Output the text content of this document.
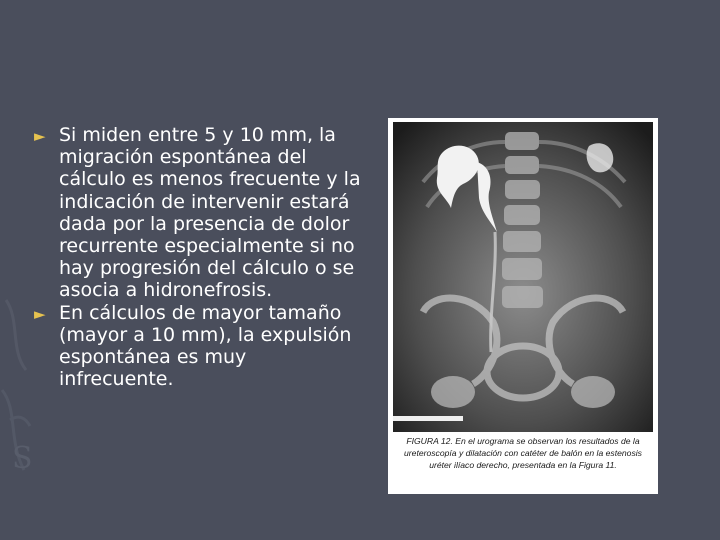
S
► Si miden entre 5 y 10 mm, la migración espontánea del cálculo es menos frecuente y la indicación de intervenir estará dada por la presencia de dolor recurrente especialmente si no hay progresión del cálculo o se asocia a hidronefrosis.
► En cálculos de mayor tamaño (mayor a 10 mm), la expulsión espontánea es muy infrecuente.
FIGURA 12. En el urograma se observan los resultados de la ureteroscopía y dilatación con catéter de balón en la estenosis uréter ilíaco derecho, presentada en la Figura 11.
